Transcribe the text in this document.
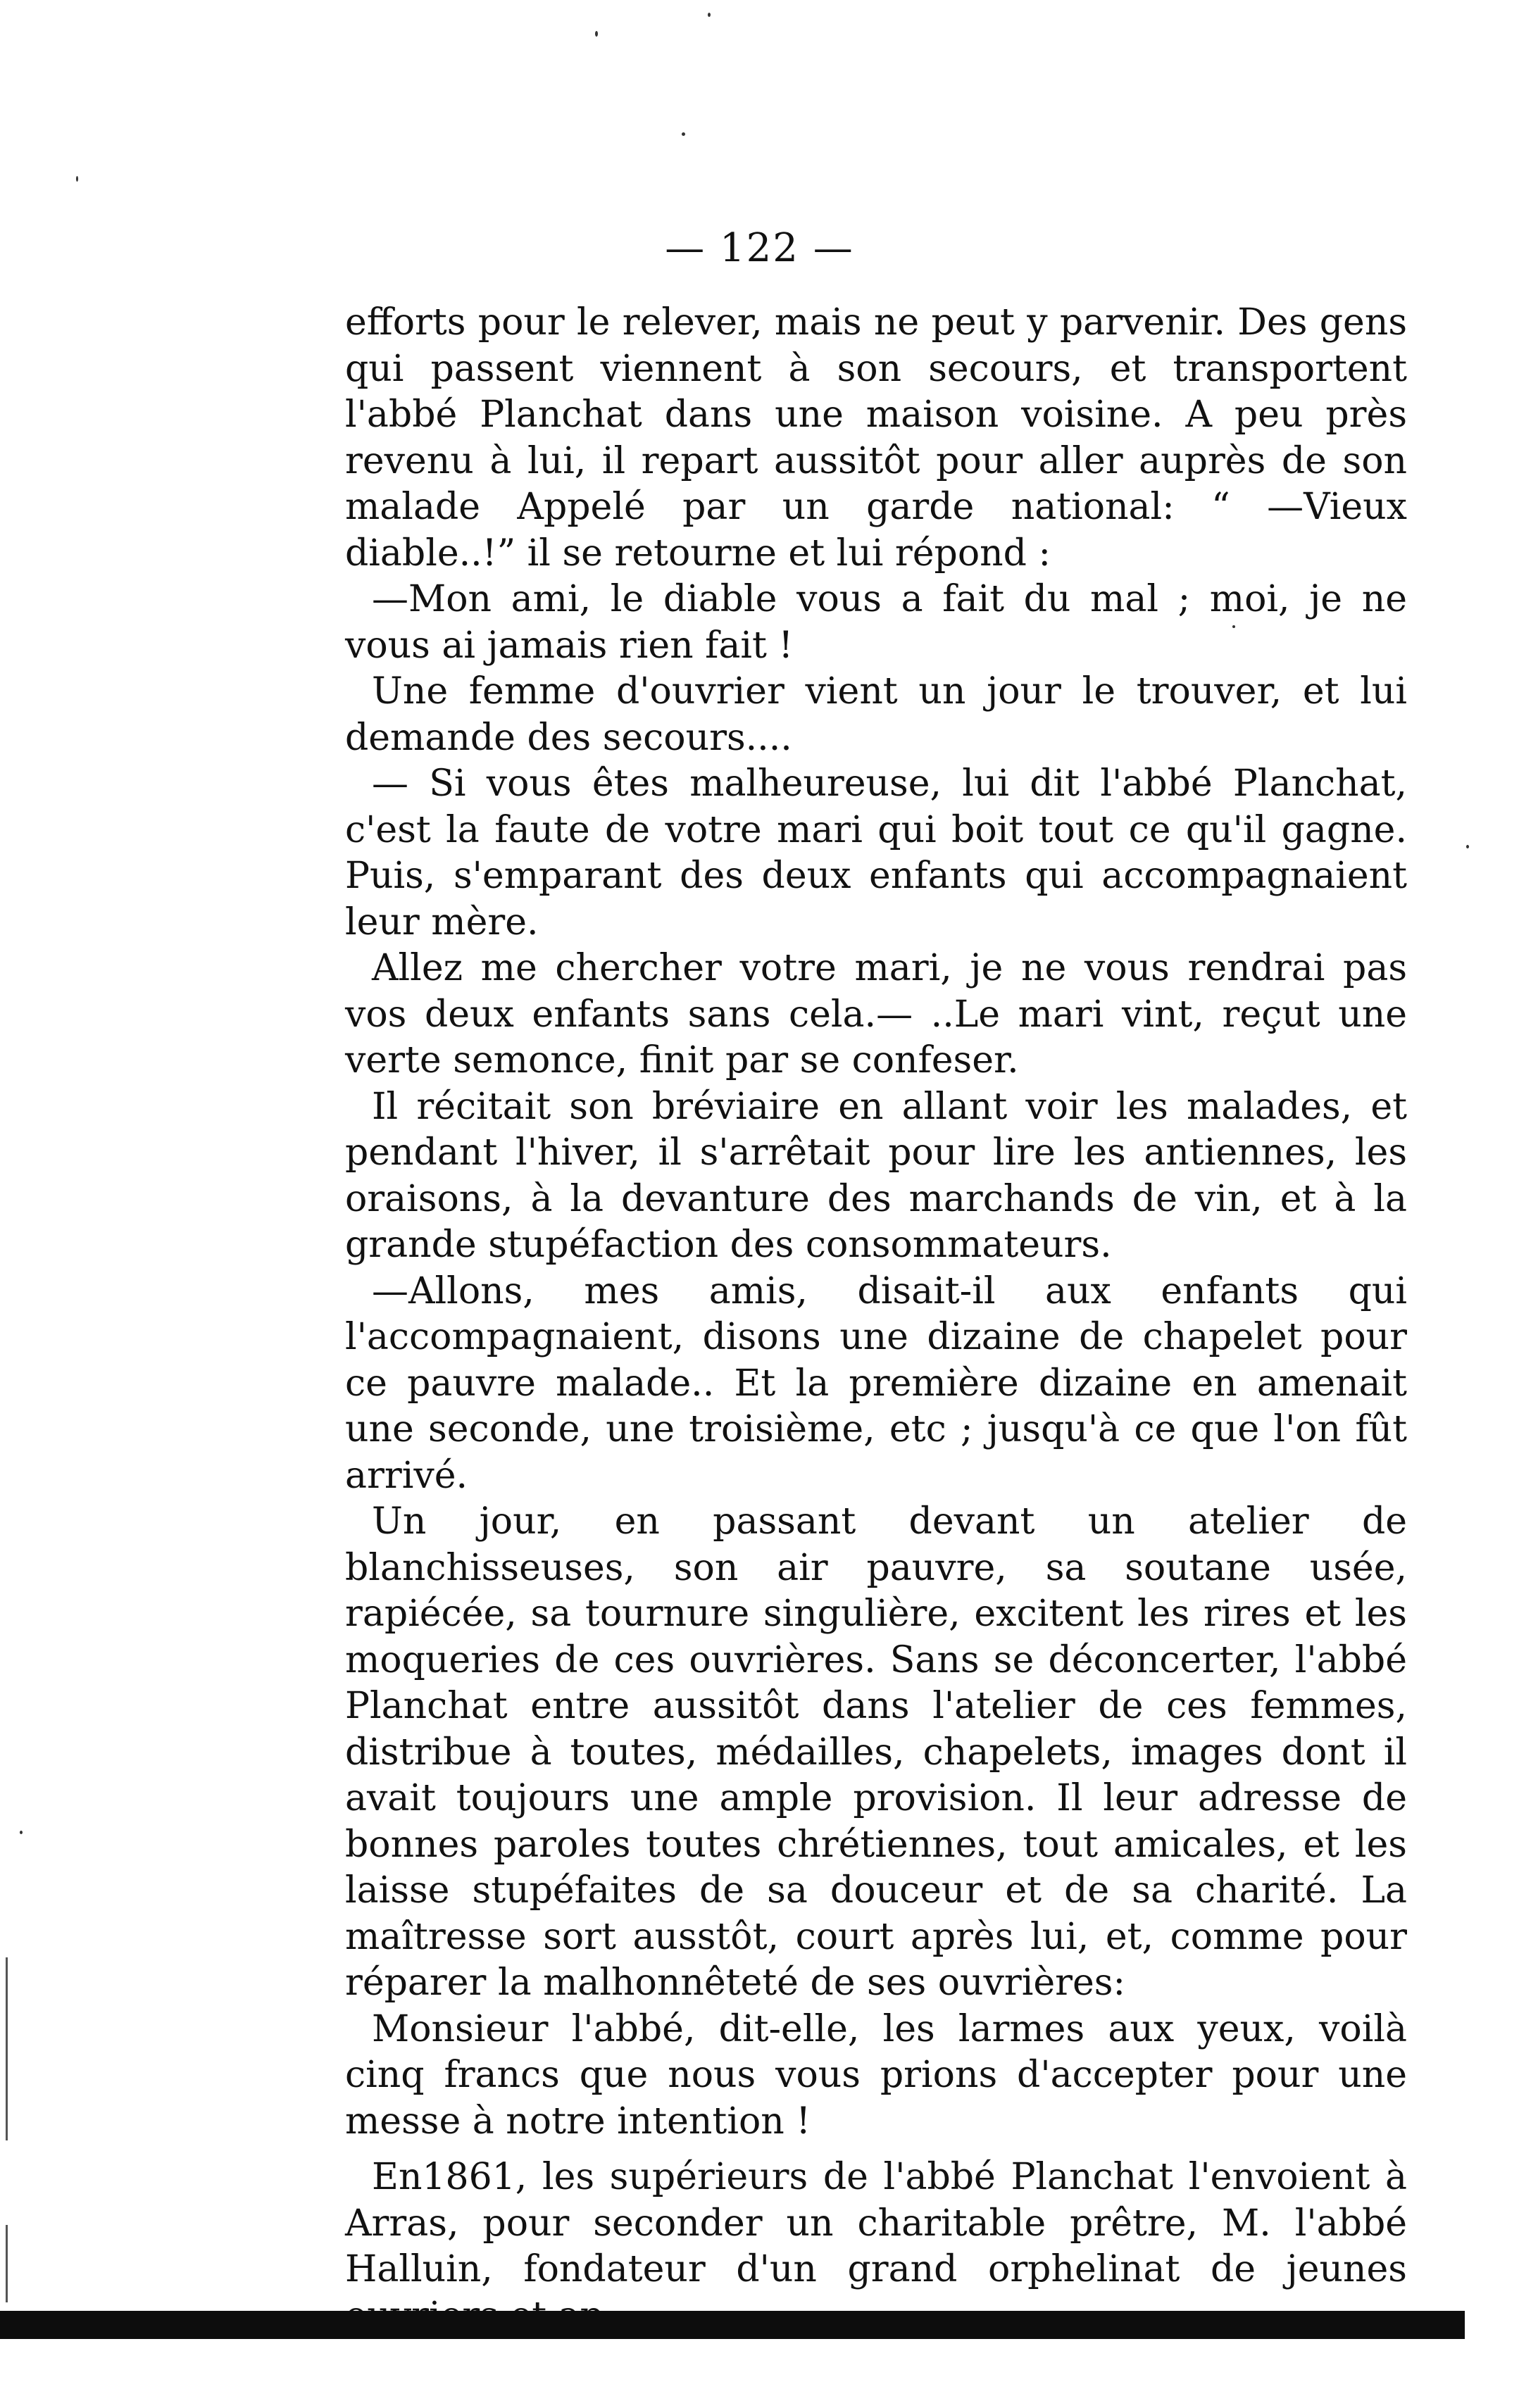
— 122 —

efforts pour le relever, mais ne peut y parvenir. Des gens qui passent viennent à son secours, et transportent l'abbé Planchat dans une maison voisine. A peu près revenu à lui, il repart aussitôt pour aller auprès de son malade Appelé par un garde national: “ —Vieux diable..!” il se retourne et lui répond :

—Mon ami, le diable vous a fait du mal ; moi, je ne vous ai jamais rien fait !

Une femme d'ouvrier vient un jour le trouver, et lui demande des secours....

— Si vous êtes malheureuse, lui dit l'abbé Planchat, c'est la faute de votre mari qui boit tout ce qu'il gagne. Puis, s'emparant des deux enfants qui accompagnaient leur mère.

Allez me chercher votre mari, je ne vous rendrai pas vos deux enfants sans cela.— ..Le mari vint, reçut une verte semonce, finit par se confeser.

Il récitait son bréviaire en allant voir les malades, et pendant l'hiver, il s'arrêtait pour lire les antiennes, les oraisons, à la devanture des marchands de vin, et à la grande stupéfaction des consommateurs.

—Allons, mes amis, disait-il aux enfants qui l'accompagnaient, disons une dizaine de chapelet pour ce pauvre malade.. Et la première dizaine en amenait une seconde, une troisième, etc ; jusqu'à ce que l'on fût arrivé.

Un jour, en passant devant un atelier de blanchisseuses, son air pauvre, sa soutane usée, rapiécée, sa tournure singulière, excitent les rires et les moqueries de ces ouvrières. Sans se déconcerter, l'abbé Planchat entre aussitôt dans l'atelier de ces femmes, distribue à toutes, médailles, chapelets, images dont il avait toujours une ample provision. Il leur adresse de bonnes paroles toutes chrétiennes, tout amicales, et les laisse stupéfaites de sa douceur et de sa charité. La maîtresse sort ausstôt, court après lui, et, comme pour réparer la malhonnêteté de ses ouvrières:

Monsieur l'abbé, dit-elle, les larmes aux yeux, voilà cinq francs que nous vous prions d'accepter pour une messe à notre intention !

En1861, les supérieurs de l'abbé Planchat l'envoient à Arras, pour seconder un charitable prêtre, M. l'abbé Halluin, fondateur d'un grand orphelinat de jeunes
